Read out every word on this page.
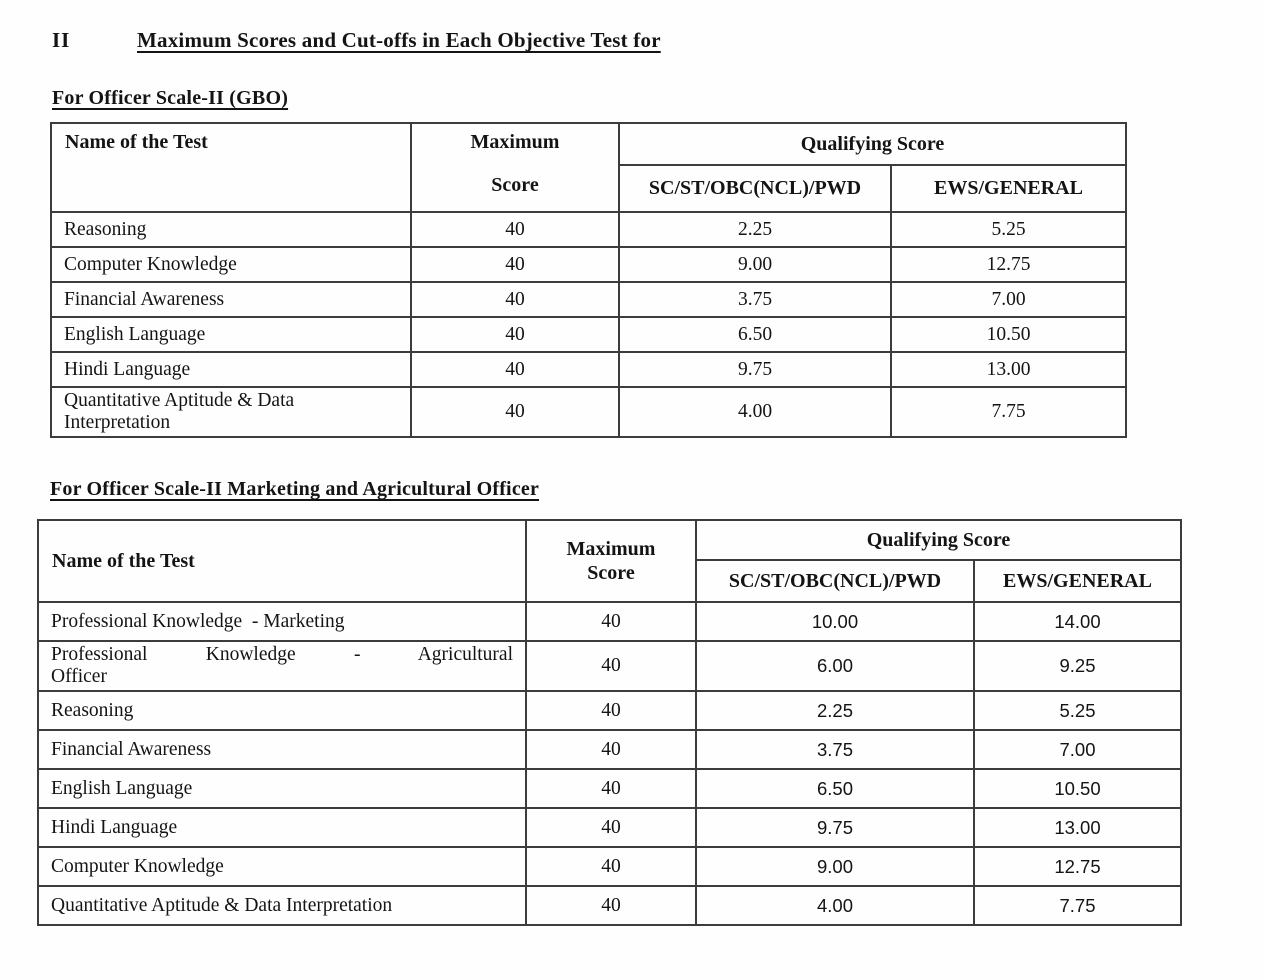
II	Maximum Scores and Cut-offs in Each Objective Test for
For Officer Scale-II (GBO)
Name of the Test	Maximum
Score	Qualifying Score	
		SC/ST/OBC(NCL)/PWD	EWS/GENERAL
Reasoning	40	2.25	5.25
Computer Knowledge	40	9.00	12.75
Financial Awareness	40	3.75	7.00
English Language	40	6.50	10.50
Hindi Language	40	9.75	13.00

Quantitative Aptitude & Data
Interpretation	40	4.00	7.75
For Officer Scale-II Marketing and Agricultural Officer
Name of the Test	Maximum
Score	Qualifying Score	
		SC/ST/OBC(NCL)/PWD	EWS/GENERAL
Professional Knowledge  - Marketing	40	10.00	14.00

Professional Knowledge - Agricultural
Officer	40	6.00	9.25
Reasoning	40	2.25	5.25
Financial Awareness	40	3.75	7.00
English Language	40	6.50	10.50
Hindi Language	40	9.75	13.00
Computer Knowledge	40	9.00	12.75
Quantitative Aptitude & Data Interpretation	40	4.00	7.75
